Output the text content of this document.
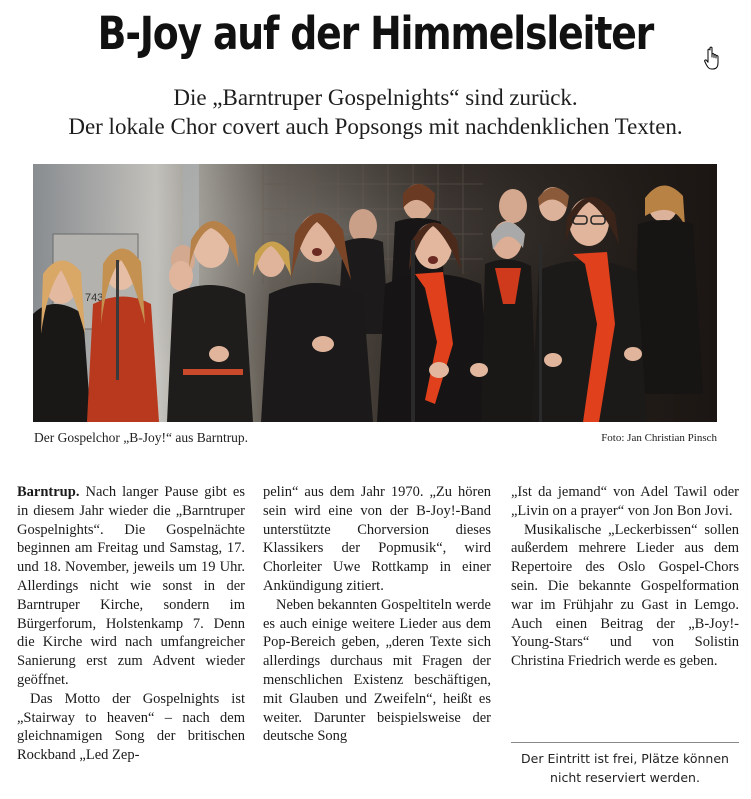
B-Joy auf der Himmelsleiter
Die „Barntruper Gospelnights“ sind zurück.
Der lokale Chor covert auch Popsongs mit nachdenklichen Texten.
Der Gospelchor „B-Joy!“ aus Barntrup.	Foto: Jan Christian Pinsch

Barntrup. Nach langer Pause gibt es in diesem Jahr wieder die „Barntruper Gospelnights“. Die Gospelnächte beginnen am Freitag und Samstag, 17. und 18. November, jeweils um 19 Uhr. Allerdings nicht wie sonst in der Barntruper Kirche, sondern im Bürgerforum, Holstenkamp 7. Denn die Kirche wird nach umfangreicher Sanierung erst zum Advent wieder geöffnet.

Das Motto der Gospelnights ist „Stairway to heaven“ – nach dem gleichnamigen Song der britischen Rockband „Led Zep-

pelin“ aus dem Jahr 1970. „Zu hören sein wird eine von der B-Joy!-Band unterstützte Chorversion dieses Klassikers der Popmusik“, wird Chorleiter Uwe Rottkamp in einer Ankündigung zitiert.

Neben bekannten Gospeltiteln werde es auch einige weitere Lieder aus dem Pop-Bereich geben, „deren Texte sich allerdings durchaus mit Fragen der menschlichen Existenz beschäftigen, mit Glauben und Zweifeln“, heißt es weiter. Darunter beispielsweise der deutsche Song

„Ist da jemand“ von Adel Tawil oder „Livin on a prayer“ von Jon Bon Jovi.

Musikalische „Leckerbissen“ sollen außerdem mehrere Lieder aus dem Repertoire des Oslo Gospel-Chors sein. Die bekannte Gospelformation war im Frühjahr zu Gast in Lemgo. Auch einen Beitrag der „B-Joy!-Young-Stars“ und von Solistin Christina Friedrich werde es geben.

Der Eintritt ist frei, Plätze können nicht reserviert werden.
